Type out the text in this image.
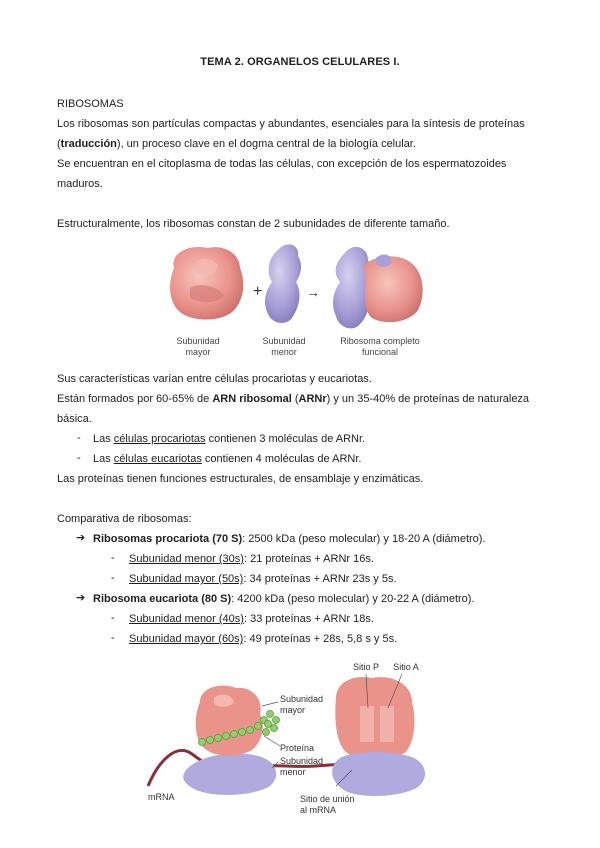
TEMA 2. ORGANELOS CELULARES I.
RIBOSOMAS
Los ribosomas son partículas compactas y abundantes, esenciales para la síntesis de proteínas
(traducción), un proceso clave en el dogma central de la biología celular.
Se encuentran en el citoplasma de todas las células, con excepción de los espermatozoides
maduros.
Estructuralmente, los ribosomas constan de 2 subunidades de diferente tamaño.
+	→
Subunidad
mayor
Subunidad
menor
Ribosoma completo
funcional
Sus características varían entre células procariotas y eucariotas.
Están formados por 60-65% de ARN ribosomal (ARNr) y un 35-40% de proteínas de naturaleza
básica.
- Las células procariotas contienen 3 moléculas de ARNr.
- Las células eucariotas contienen 4 moléculas de ARNr.
Las proteínas tienen funciones estructurales, de ensamblaje y enzimáticas.
Comparativa de ribosomas:
➔ Ribosomas procariota (70 S): 2500 kDa (peso molecular) y 18-20 A (diámetro).
- Subunidad menor (30s): 21 proteínas + ARNr 16s.
- Subunidad mayor (50s): 34 proteínas + ARNr 23s y 5s.
➔ Ribosoma eucariota (80 S): 4200 kDa (peso molecular) y 20-22 A (diámetro).
- Subunidad menor (40s): 33 proteínas + ARNr 18s.
- Subunidad mayor (60s): 49 proteínas + 28s, 5,8 s y 5s.
Sitio P Sitio A
Subunidad
mayor
Proteína
Subunidad
menor
mRNA	Sitio de unión
al mRNA
